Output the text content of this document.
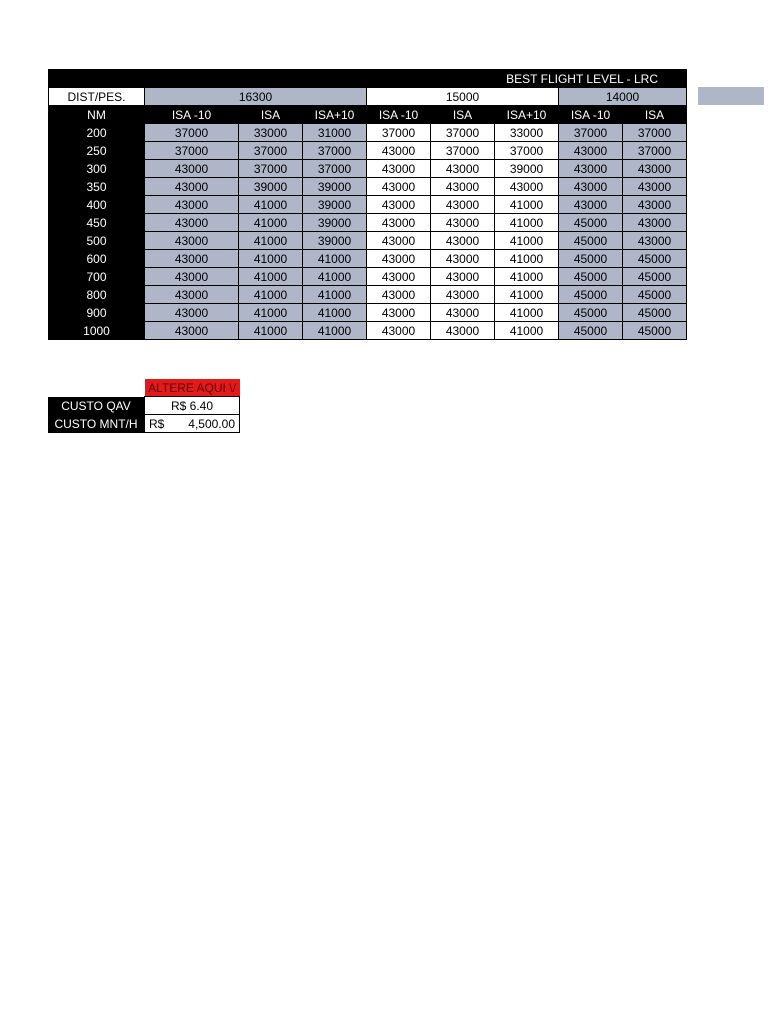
BEST FLIGHT LEVEL - LRC								
DIST/PES.	16300			15000			14000	
NM	ISA -10	ISA	ISA+10	ISA -10	ISA	ISA+10	ISA -10	ISA
200	37000	33000	31000	37000	37000	33000	37000	37000
250	37000	37000	37000	43000	37000	37000	43000	37000
300	43000	37000	37000	43000	43000	39000	43000	43000
350	43000	39000	39000	43000	43000	43000	43000	43000
400	43000	41000	39000	43000	43000	41000	43000	43000
450	43000	41000	39000	43000	43000	41000	45000	43000
500	43000	41000	39000	43000	43000	41000	45000	43000
600	43000	41000	41000	43000	43000	41000	45000	45000
700	43000	41000	41000	43000	43000	41000	45000	45000
800	43000	41000	41000	43000	43000	41000	45000	45000
900	43000	41000	41000	43000	43000	41000	45000	45000
1000	43000	41000	41000	43000	43000	41000	45000	45000
	ALTERE AQUI \/
CUSTO QAV	R$ 6.40
CUSTO MNT/H	R$ 4,500.00
